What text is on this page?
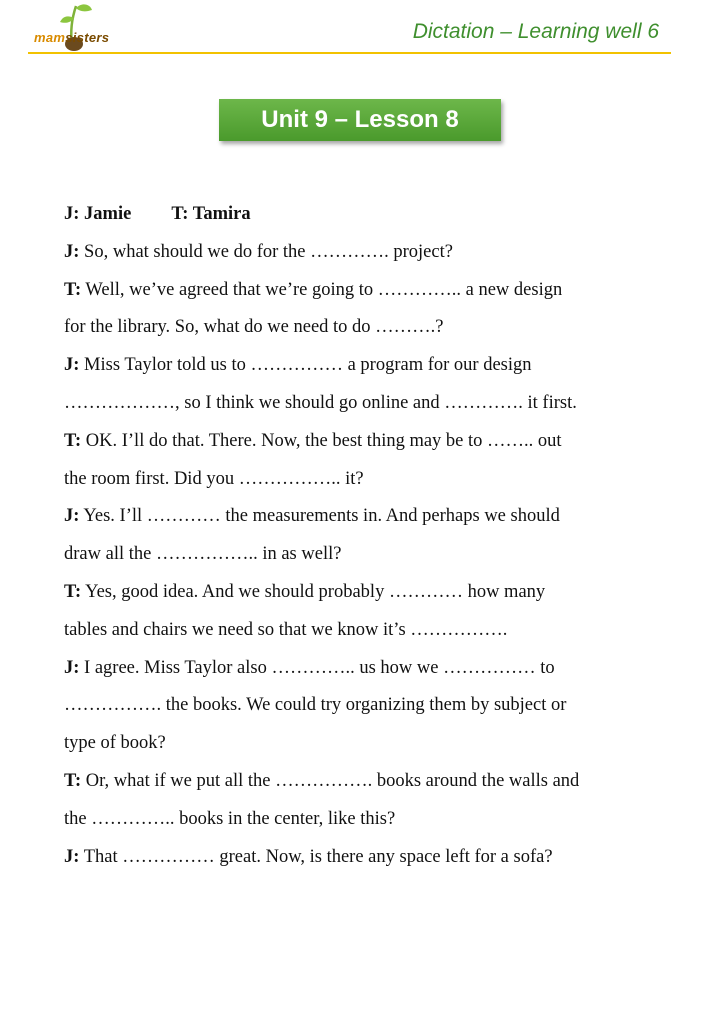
mamsisters	Dictation – Learning well 6
Unit 9 – Lesson 8
J: Jamie T: Tamira
J: So, what should we do for the …………. project?
T: Well, we’ve agreed that we’re going to ………….. a new design
for the library. So, what do we need to do ……….?
J: Miss Taylor told us to …………… a program for our design
………………, so I think we should go online and …………. it first.
T: OK. I’ll do that. There. Now, the best thing may be to …….. out
the room first. Did you …………….. it?
J: Yes. I’ll ………… the measurements in. And perhaps we should
draw all the …………….. in as well?
T: Yes, good idea. And we should probably ………… how many
tables and chairs we need so that we know it’s …………….
J: I agree. Miss Taylor also ………….. us how we …………… to
……………. the books. We could try organizing them by subject or
type of book?
T: Or, what if we put all the ……………. books around the walls and
the ………….. books in the center, like this?
J: That …………… great. Now, is there any space left for a sofa?
